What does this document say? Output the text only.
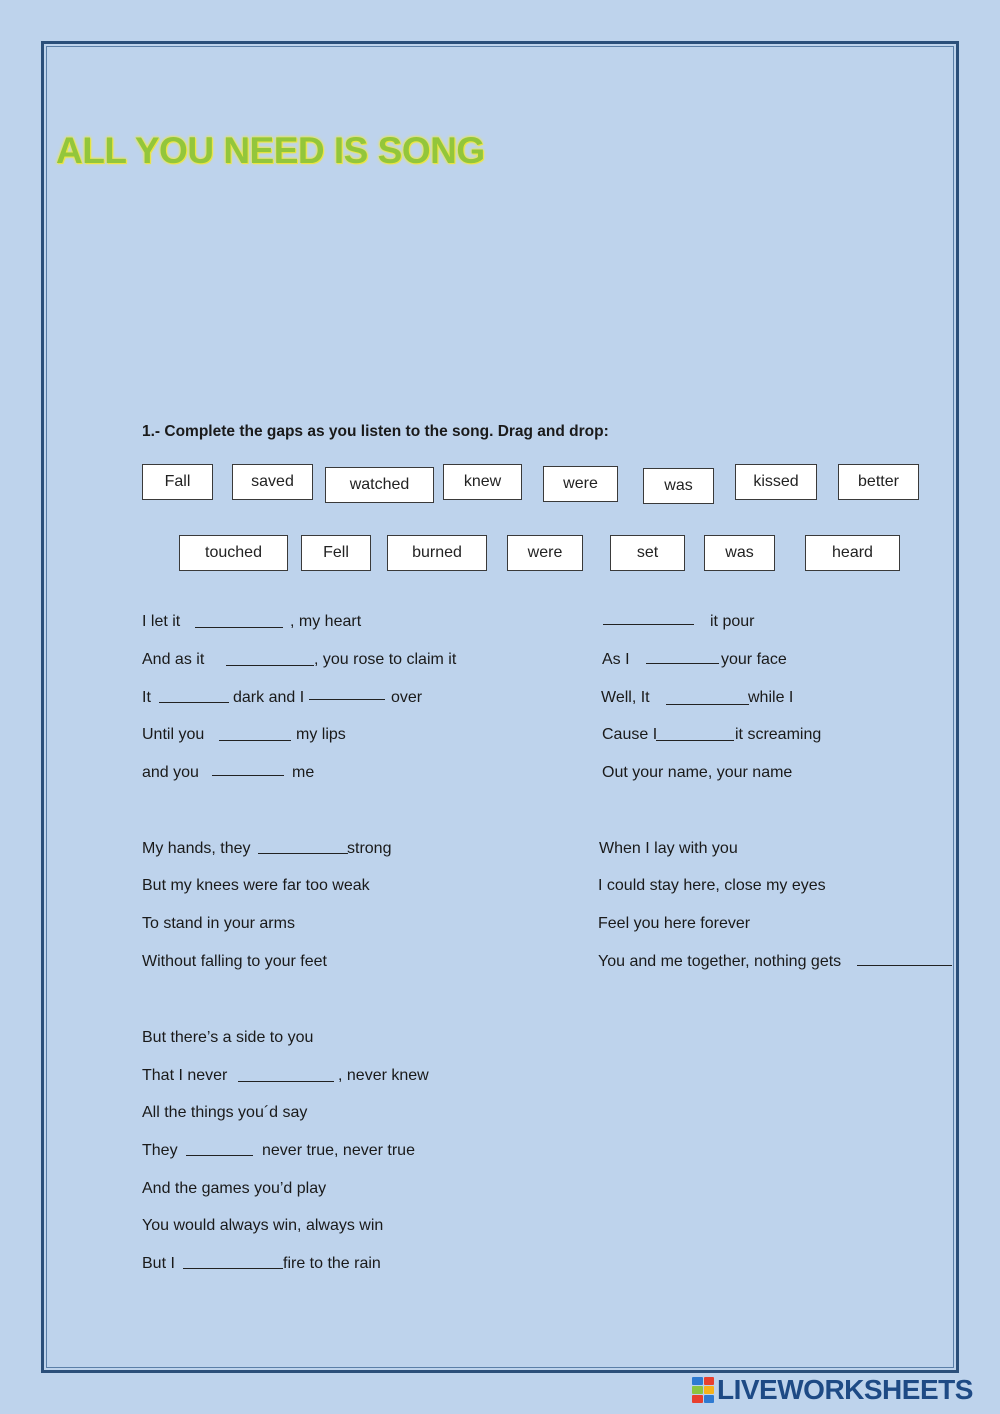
ALL YOU NEED IS SONG
1.- Complete the gaps as you listen to the song. Drag and drop:
Fall	saved	watched	knew	were	was	kissed	better
touched	Fell	burned	were	set	was	heard
I let it	, my heart
And as it	, you rose to claim it
It	dark and I	over
Until you	my lips
and you	me
it pour
As I	your face
Well, It	while I
Cause I	it screaming
Out your name, your name
My hands, they	strong
But my knees were far too weak
To stand in your arms
Without falling to your feet
When I lay with you
I could stay here, close my eyes
Feel you here forever
You and me together, nothing gets
But there’s a side to you
That I never	, never knew
All the things you´d say
They	never true, never true
And the games you’d play
You would always win, always win
But I	fire to the rain
LIVEWORKSHEETS
